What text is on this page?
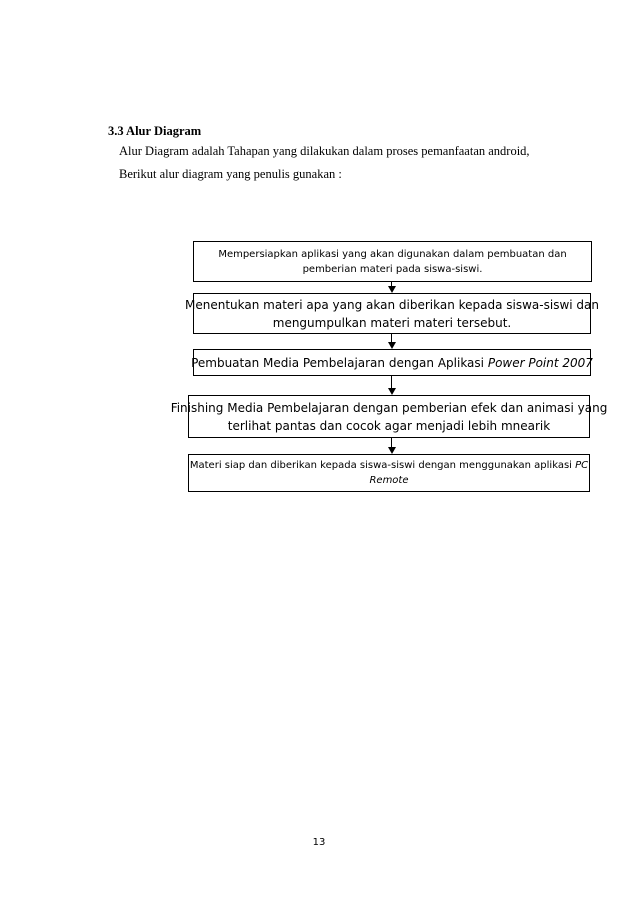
3.3 Alur Diagram
Alur Diagram adalah Tahapan yang dilakukan dalam proses pemanfaatan android,
Berikut alur diagram yang penulis gunakan :
Mempersiapkan aplikasi yang akan digunakan dalam pembuatan dan
pemberian materi pada siswa-siswi.
Menentukan materi apa yang akan diberikan kepada siswa-siswi dan
mengumpulkan materi materi tersebut.
Pembuatan Media Pembelajaran dengan Aplikasi Power Point 2007
Finishing Media Pembelajaran dengan pemberian efek dan animasi yang
terlihat pantas dan cocok agar menjadi lebih mnearik
Materi siap dan diberikan kepada siswa-siswi dengan menggunakan aplikasi PC
Remote
13
